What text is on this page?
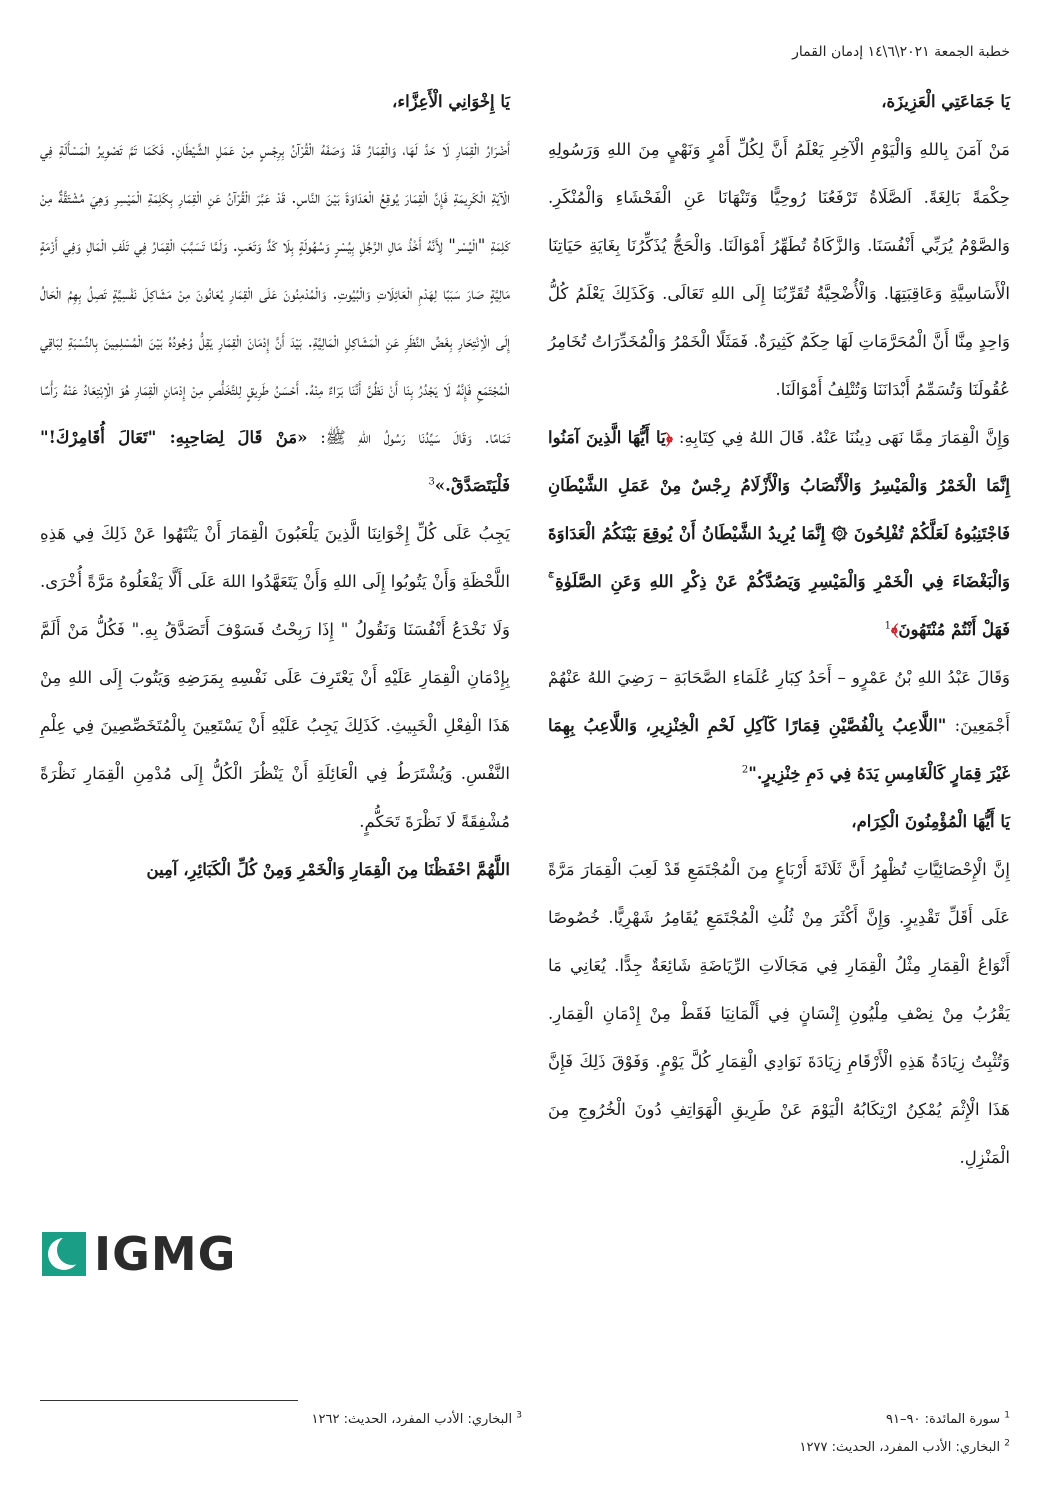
خطبة الجمعة ٢٠٢١\٦\١٤ إدمان القمار

يَا جَمَاعَتِي الْعَزِيزَة،

مَنْ آمَنَ بِاللهِ وَالْيَوْمِ الْآخِرِ يَعْلَمُ أَنَّ لِكُلِّ أَمْرٍ وَنَهْيٍ مِنَ اللهِ وَرَسُولِهِ حِكْمَةً بَالِغَةً. اَلصَّلَاةُ تَرْفَعُنَا رُوحِيًّا وَتَنْهَانَا عَنِ الْفَحْشَاءِ وَالْمُنْكَرِ. وَالصَّوْمُ يُرَبِّي أَنْفُسَنَا. وَالزَّكَاةُ تُطَهِّرُ أَمْوَالَنَا. وَالْحَجُّ يُذَكِّرُنَا بِغَايَةِ حَيَاتِنَا الْأَسَاسِيَّةِ وَعَاقِبَتِهَا. وَالْأُضْحِيَّةُ تُقَرِّبُنَا إِلَى اللهِ تَعَالَى. وَكَذَلِكَ يَعْلَمُ كُلُّ وَاحِدٍ مِنَّا أَنَّ الْمُحَرَّمَاتِ لَهَا حِكَمٌ كَثِيرَةٌ. فَمَثَلًا الْخَمْرُ وَالْمُخَدِّرَاتُ تُخَامِرُ عُقُولَنَا وَتُسَمِّمُ أَبْدَانَنَا وَتُتْلِفُ أَمْوَالَنَا.

وَإِنَّ الْقِمَارَ مِمَّا نَهَى دِينُنَا عَنْهُ. قَالَ اللهُ فِي كِتَابِهِ: ﴿يَا أَيُّهَا الَّذِينَ آمَنُوا إِنَّمَا الْخَمْرُ وَالْمَيْسِرُ وَالْأَنْصَابُ وَالْأَزْلَامُ رِجْسٌ مِنْ عَمَلِ الشَّيْطَانِ فَاجْتَنِبُوهُ لَعَلَّكُمْ تُفْلِحُونَ ۞ إِنَّمَا يُرِيدُ الشَّيْطَانُ أَنْ يُوقِعَ بَيْنَكُمُ الْعَدَاوَةَ وَالْبَغْضَاءَ فِي الْخَمْرِ وَالْمَيْسِرِ وَيَصُدَّكُمْ عَنْ ذِكْرِ اللهِ وَعَنِ الصَّلَوٰةِ ۚ فَهَلْ أَنْتُمْ مُنْتَهُونَ﴾$^1$

وَقَالَ عَبْدُ اللهِ بْنُ عَمْرٍو – أَحَدُ كِبَارِ عُلَمَاءِ الصَّحَابَةِ – رَضِيَ اللهُ عَنْهُمْ أَجْمَعِينَ: "اللَّاعِبُ بِالْفُصَّيْنِ قِمَارًا كَآكِلِ لَحْمِ الْخِنْزِيرِ، وَاللَّاعِبُ بِهِمَا غَيْرَ قِمَارٍ كَالْغَامِسِ يَدَهُ فِي دَمِ خِنْزِيرٍ."$^2$

يَا أَيُّهَا الْمُؤْمِنُونَ الْكِرَام،

إِنَّ الْإِحْصَائِيَّاتِ تُظْهِرُ أَنَّ ثَلَاثَةَ أَرْبَاعٍ مِنَ الْمُجْتَمَعِ قَدْ لَعِبَ الْقِمَارَ مَرَّةً عَلَى أَقَلِّ تَقْدِيرٍ. وَإِنَّ أَكْثَرَ مِنْ ثُلُثِ الْمُجْتَمَعِ يُقَامِرُ شَهْرِيًّا. خُصُوصًا أَنْوَاعُ الْقِمَارِ مِثْلُ الْقِمَارِ فِي مَجَالَاتِ الرِّيَاضَةِ شَائِعَةٌ جِدًّا. يُعَانِي مَا يَقْرُبُ مِنْ نِصْفِ مِلْيُونِ إِنْسَانٍ فِي أَلْمَانِيَا فَقَطْ مِنْ إِدْمَانِ الْقِمَارِ. وَتُثْبِتُ زِيَادَةُ هَذِهِ الْأَرْقَامِ زِيَادَةَ نَوَادِي الْقِمَارِ كُلَّ يَوْمٍ. وَفَوْقَ ذَلِكَ فَإِنَّ هَذَا الْإِثْمَ يُمْكِنُ ارْتِكَابُهُ الْيَوْمَ عَنْ طَرِيقِ الْهَوَاتِفِ دُونَ الْخُرُوجِ مِنَ الْمَنْزِلِ.

يَا إِخْوَانِي الْأَعِزَّاء،

أَضْرَارُ الْقِمَارِ لَا حَدَّ لَهَا، وَالْقِمَارُ قَدْ وَصَفَهُ الْقُرْآنُ بِرِجْسٍ مِنْ عَمَلِ الشَّيْطَانِ. فَكَمَا تَمَّ تَصْوِيرُ الْمَسْأَلَةِ فِي الْآيَةِ الْكَرِيمَةِ فَإِنَّ الْقِمَارَ يُوقِعُ الْعَدَاوَةَ بَيْنَ النَّاسِ. قَدْ عَبَّرَ الْقُرْآنُ عَنِ الْقِمَارِ بِكَلِمَةِ الْمَيْسِرِ وَهِيَ مُشْتَقَّةٌ مِنْ كَلِمَةِ "الْيُسْر" لِأَنَّهُ أَخْذُ مَالِ الرَّجُلِ بِيُسْرٍ وَسُهُولَةٍ بِلَا كَدٍّ وَتَعَبٍ. وَلَمَّا تَسَبَّبَ الْقِمَارُ فِي تَلَفِ الْمَالِ وَفِي أَزْمَةٍ مَالِيَّةٍ صَارَ سَبَبًا لِهَدْمِ الْعَائِلَاتِ وَالْبُيُوتِ. وَالْمُدْمِنُونَ عَلَى الْقِمَارِ يُعَانُونَ مِنْ مَشَاكِلَ نَفْسِيَّةٍ تَصِلُ بِهِمُ الْحَالُ إِلَى الْاِنْتِحَارِ بِغَضِّ النَّظَرِ عَنِ الْمَشَاكِلِ الْمَالِيَّةِ. بَيْدَ أَنَّ إِدْمَانَ الْقِمَارِ يَقِلُّ وُجُودُهُ بَيْنَ الْمُسْلِمِينَ بِالنِّسْبَةِ لِبَاقِي الْمُجْتَمَعِ فَإِنَّهُ لَا يَجْدُرُ بِنَا أَنْ نَظُنَّ أَنَّنَا بَرَاءٌ مِنْهُ. أَحْسَنُ طَرِيقٍ لِلتَّخَلُّصِ مِنْ إِدْمَانِ الْقِمَارِ هُوَ الْاِبْتِعَادُ عَنْهُ رَأْسًا تَمَامًا. وَقَالَ سَيِّدُنَا رَسُولُ اللهِ ﷺ: «مَنْ قَالَ لِصَاحِبِهِ: "تَعَالَ أُقَامِرْكَ!" فَلْيَتَصَدَّقْ.»$^3$

يَجِبُ عَلَى كُلِّ إِخْوَانِنَا الَّذِينَ يَلْعَبُونَ الْقِمَارَ أَنْ يَنْتَهُوا عَنْ ذَلِكَ فِي هَذِهِ اللَّحْظَةِ وَأَنْ يَتُوبُوا إِلَى اللهِ وَأَنْ يَتَعَهَّدُوا اللهَ عَلَى أَلَّا يَفْعَلُوهُ مَرَّةً أُخْرَى. وَلَا نَخْدَعُ أَنْفُسَنَا وَنَقُولُ " إِذَا رَبِحْتُ فَسَوْفَ أَتَصَدَّقُ بِهِ." فَكُلُّ مَنْ أَلَمَّ بِإِدْمَانِ الْقِمَارِ عَلَيْهِ أَنْ يَعْتَرِفَ عَلَى نَفْسِهِ بِمَرَضِهِ وَيَتُوبَ إِلَى اللهِ مِنْ هَذَا الْفِعْلِ الْخَبِيثِ. كَذَلِكَ يَجِبُ عَلَيْهِ أَنْ يَسْتَعِينَ بِالْمُتَخَصِّصِينَ فِي عِلْمِ النَّفْسِ. وَيُشْتَرَطُ فِي الْعَائِلَةِ أَنْ يَنْظُرَ الْكُلُّ إِلَى مُدْمِنِ الْقِمَارِ نَظْرَةً مُشْفِقَةً لَا نَظْرَةَ تَحَكُّمٍ.

اللَّهُمَّ احْفَظْنَا مِنَ الْقِمَارِ وَالْخَمْرِ وَمِنْ كُلِّ الْكَبَائِرِ، آمِين

IGMG
$^1$ سورة المائدة: ٩٠–٩١
$^2$ البخاري: الأدب المفرد، الحديث: ١٢٧٧
$^3$ البخاري: الأدب المفرد، الحديث: ١٢٦٢
